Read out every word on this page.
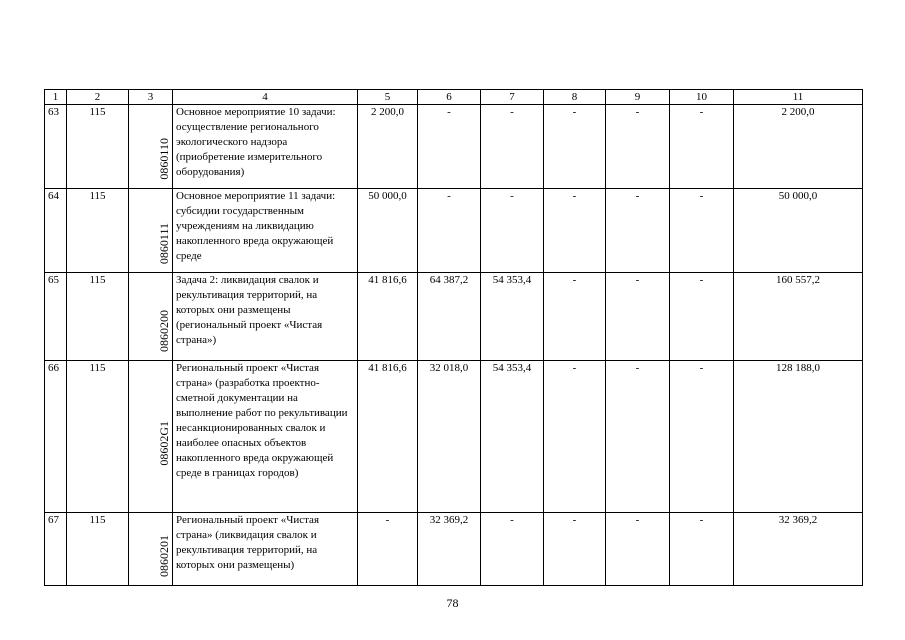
1	2	3	4	5	6	7	8	9	10	11
63	115	0860110	Основное мероприятие 10 задачи: осуществление регионального экологического надзора (приобретение измерительного оборудования)	2 200,0	-	-	-	-	-	2 200,0
64	115	0860111	Основное мероприятие 11 задачи: субсидии государственным учреждениям на ликвидацию накопленного вреда окружающей среде	50 000,0	-	-	-	-	-	50 000,0
65	115	0860200	Задача 2: ликвидация свалок и рекультивация территорий, на которых они размещены (региональный проект «Чистая страна»)	41 816,6	64 387,2	54 353,4	-	-	-	160 557,2
66	115	08602G1	Региональный проект «Чистая страна» (разработка проектно-сметной документации на выполнение работ по рекультивации несанкционированных свалок и наиболее опасных объектов накопленного вреда окружающей среде в границах городов)	41 816,6	32 018,0	54 353,4	-	-	-	128 188,0
67	115	0860201	Региональный проект «Чистая страна» (ликвидация свалок и рекультивация территорий, на которых они размещены)	-	32 369,2	-	-	-	-	32 369,2
78
